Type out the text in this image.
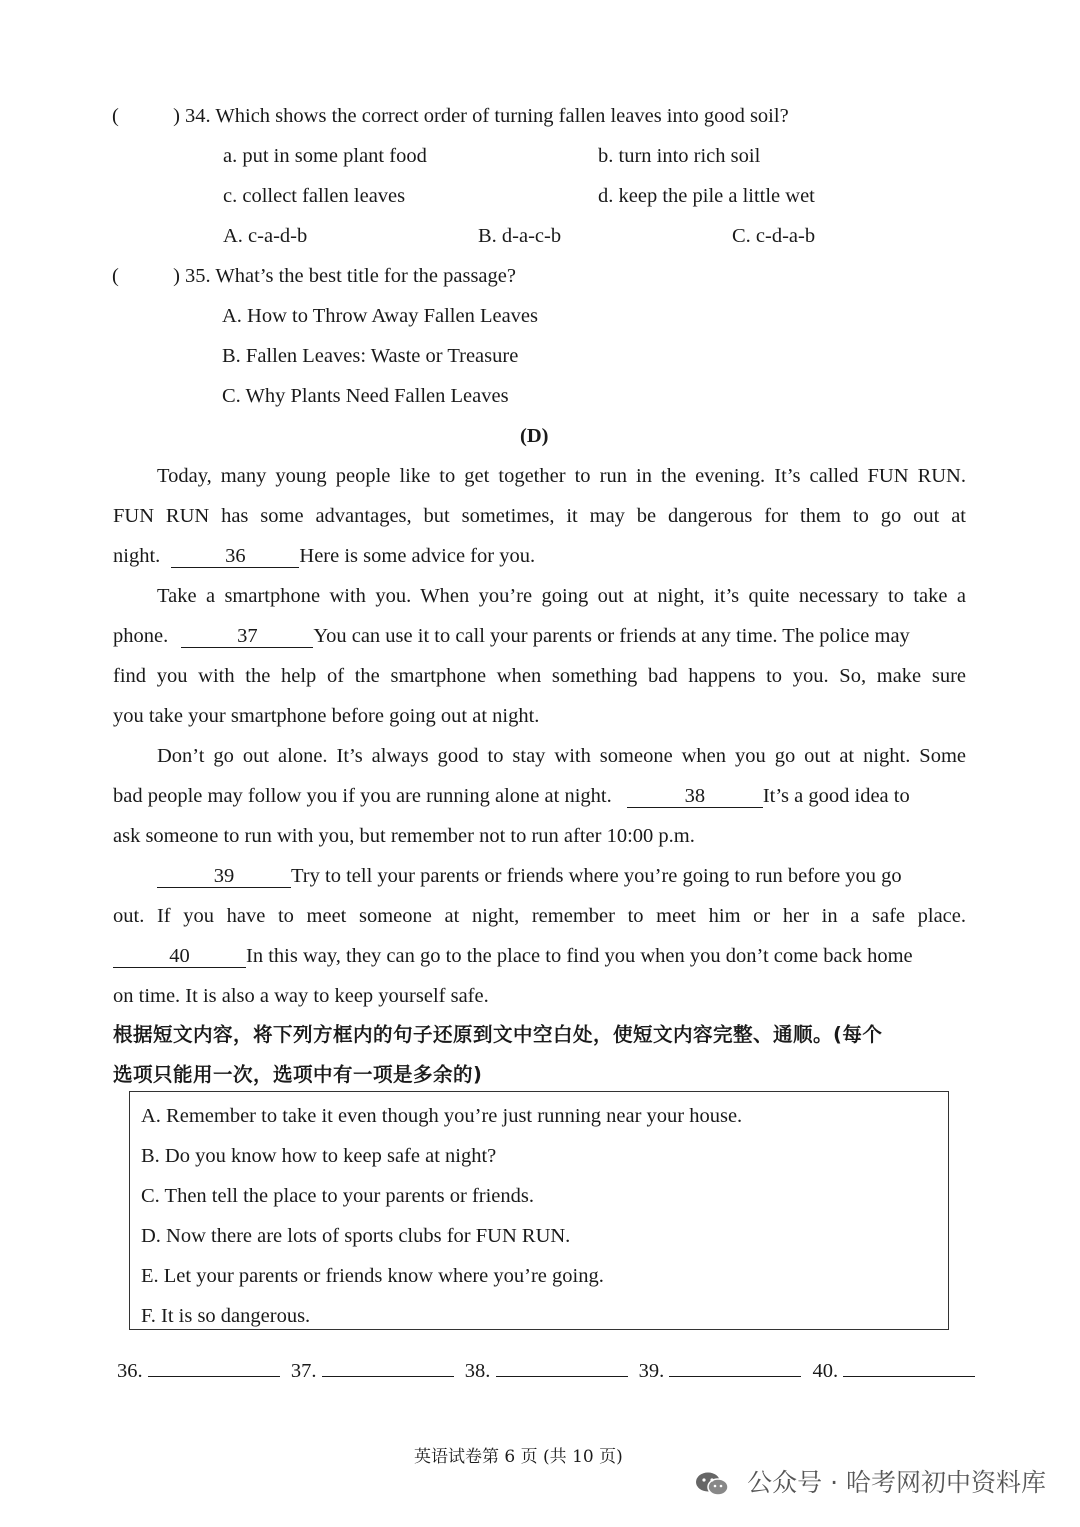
(	) 34. Which shows the correct order of turning fallen leaves into good soil?
a. put in some plant food	b. turn into rich soil
c. collect fallen leaves	d. keep the pile a little wet
A. c-a-d-b	B. d-a-c-b	C. c-d-a-b
(	) 35. What’s the best title for the passage?
A. How to Throw Away Fallen Leaves
B. Fallen Leaves: Waste or Treasure
C. Why Plants Need Fallen Leaves
(D)
Today, many young people like to get together to run in the evening. It’s called FUN RUN.
FUN RUN has some advantages, but sometimes, it may be dangerous for them to go out at
night.	36	Here is some advice for you.
Take a smartphone with you. When you’re going out at night, it’s quite necessary to take a
phone.	37	You can use it to call your parents or friends at any time. The police may
find you with the help of the smartphone when something bad happens to you. So, make sure
you take your smartphone before going out at night.
Don’t go out alone. It’s always good to stay with someone when you go out at night. Some
bad people may follow you if you are running alone at night.	38	It’s a good idea to
ask someone to run with you, but remember not to run after 10:00 p.m.
39	Try to tell your parents or friends where you’re going to run before you go
out. If you have to meet someone at night, remember to meet him or her in a safe place.
40	In this way, they can go to the place to find you when you don’t come back home
on time. It is also a way to keep yourself safe.
根据短文内容，将下列方框内的句子还原到文中空白处，使短文内容完整、通顺。(每个
选项只能用一次，选项中有一项是多余的)
A. Remember to take it even though you’re just running near your house.
B. Do you know how to keep safe at night?
C. Then tell the place to your parents or friends.
D. Now there are lots of sports clubs for FUN RUN.
E. Let your parents or friends know where you’re going.
F. It is so dangerous.
36.	37.	38.	39.	40.
英语试卷第 6 页 (共 10 页)
公众号 · 哈考网初中资料库
